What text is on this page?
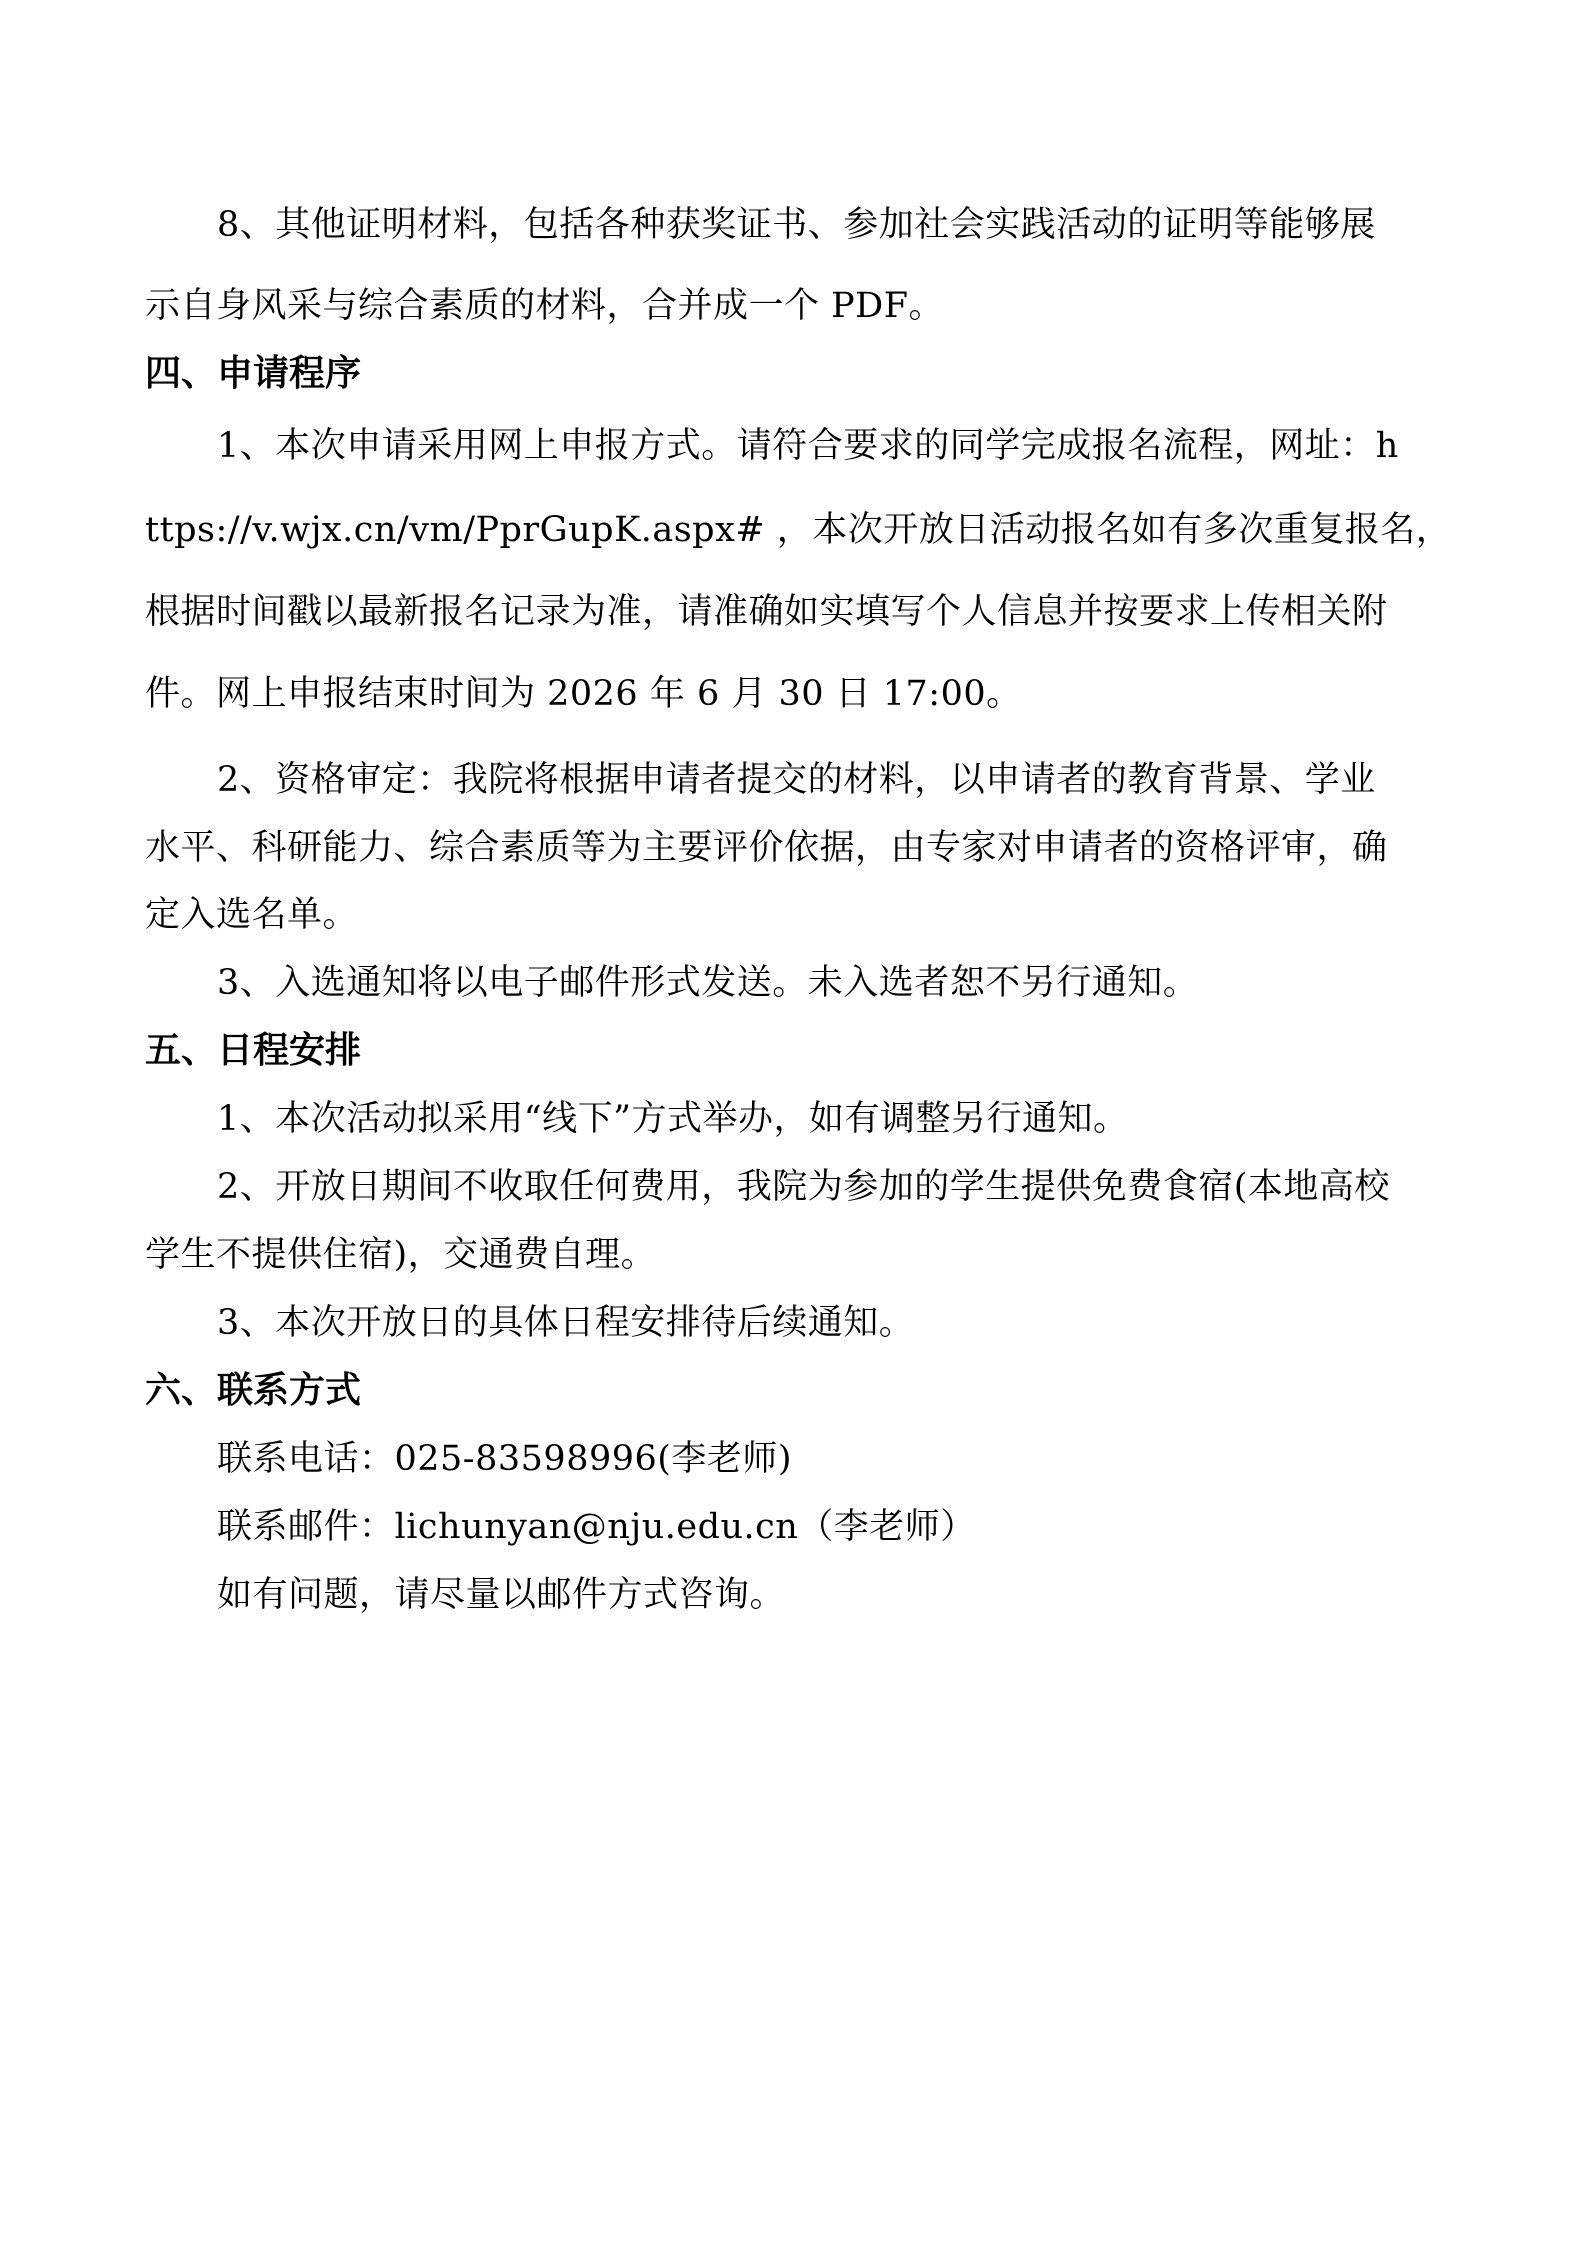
8、其他证明材料，包括各种获奖证书、参加社会实践活动的证明等能够展

示自身风采与综合素质的材料，合并成一个 PDF。

四、申请程序

1、本次申请采用网上申报方式。请符合要求的同学完成报名流程，网址：h

ttps://v.wjx.cn/vm/PprGupK.aspx# ，本次开放日活动报名如有多次重复报名，

根据时间戳以最新报名记录为准，请准确如实填写个人信息并按要求上传相关附

件。网上申报结束时间为 2026 年 6 月 30 日 17:00。

2、资格审定：我院将根据申请者提交的材料，以申请者的教育背景、学业

水平、科研能力、综合素质等为主要评价依据，由专家对申请者的资格评审，确

定入选名单。

3、入选通知将以电子邮件形式发送。未入选者恕不另行通知。

五、日程安排

1、本次活动拟采用“线下”方式举办，如有调整另行通知。

2、开放日期间不收取任何费用，我院为参加的学生提供免费食宿(本地高校

学生不提供住宿)，交通费自理。

3、本次开放日的具体日程安排待后续通知。

六、联系方式

联系电话：025-83598996(李老师)

联系邮件：lichunyan@nju.edu.cn（李老师）

如有问题，请尽量以邮件方式咨询。
